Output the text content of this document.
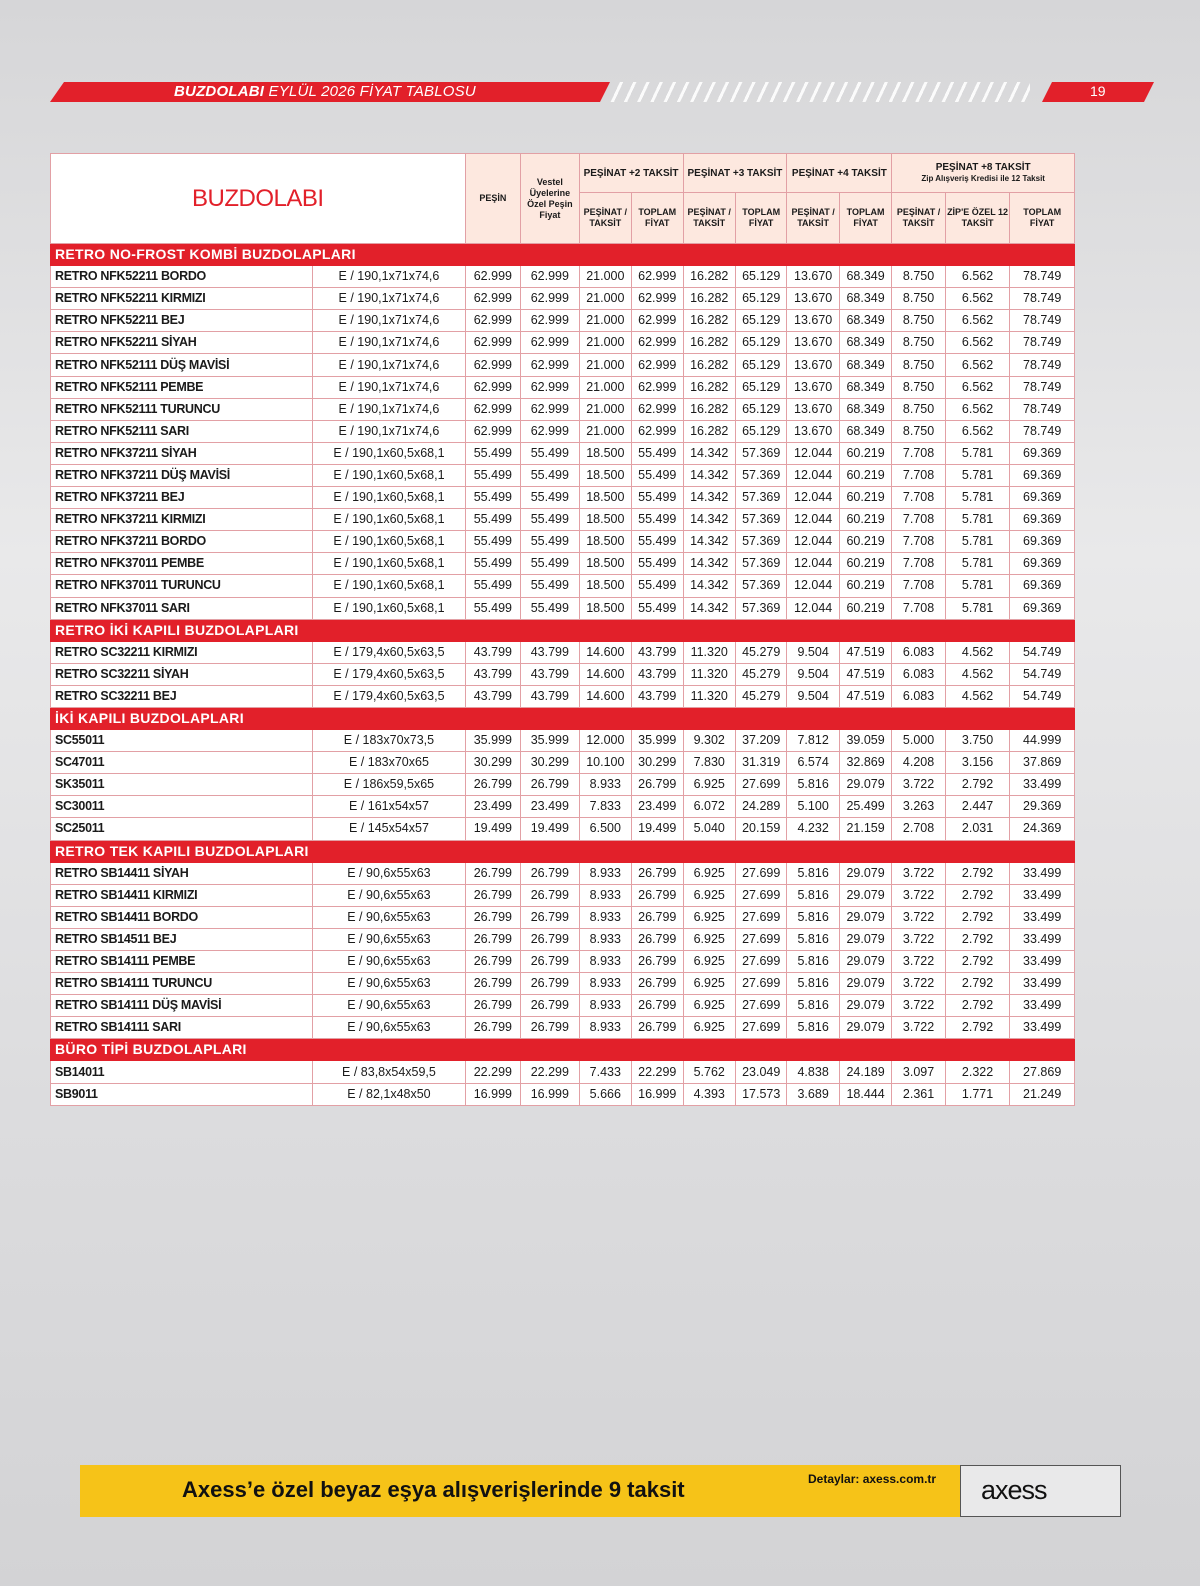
BUZDOLABI EYLÜL 2026 FİYAT TABLOSU	19
BUZDOLABI		PEŞİN	Vestel Üyelerine Özel Peşin Fiyat	PEŞİNAT +2 TAKSİT		PEŞİNAT +3 TAKSİT		PEŞİNAT +4 TAKSİT		PEŞİNAT +8 TAKSİT
Zip Alışveriş Kredisi ile 12 Taksit		
				PEŞİNAT / TAKSİT	TOPLAM FİYAT	PEŞİNAT / TAKSİT	TOPLAM FİYAT	PEŞİNAT / TAKSİT	TOPLAM FİYAT	PEŞİNAT / TAKSİT	ZİP'E ÖZEL 12 TAKSİT	TOPLAM FİYAT
RETRO NO-FROST KOMBİ BUZDOLAPLARI												
RETRO NFK52211 BORDO	E / 190,1x71x74,6	62.999	62.999	21.000	62.999	16.282	65.129	13.670	68.349	8.750	6.562	78.749
RETRO NFK52211 KIRMIZI	E / 190,1x71x74,6	62.999	62.999	21.000	62.999	16.282	65.129	13.670	68.349	8.750	6.562	78.749
RETRO NFK52211 BEJ	E / 190,1x71x74,6	62.999	62.999	21.000	62.999	16.282	65.129	13.670	68.349	8.750	6.562	78.749
RETRO NFK52211 SİYAH	E / 190,1x71x74,6	62.999	62.999	21.000	62.999	16.282	65.129	13.670	68.349	8.750	6.562	78.749
RETRO NFK52111 DÜŞ MAVİSİ	E / 190,1x71x74,6	62.999	62.999	21.000	62.999	16.282	65.129	13.670	68.349	8.750	6.562	78.749
RETRO NFK52111 PEMBE	E / 190,1x71x74,6	62.999	62.999	21.000	62.999	16.282	65.129	13.670	68.349	8.750	6.562	78.749
RETRO NFK52111 TURUNCU	E / 190,1x71x74,6	62.999	62.999	21.000	62.999	16.282	65.129	13.670	68.349	8.750	6.562	78.749
RETRO NFK52111 SARI	E / 190,1x71x74,6	62.999	62.999	21.000	62.999	16.282	65.129	13.670	68.349	8.750	6.562	78.749
RETRO NFK37211 SİYAH	E / 190,1x60,5x68,1	55.499	55.499	18.500	55.499	14.342	57.369	12.044	60.219	7.708	5.781	69.369
RETRO NFK37211 DÜŞ MAVİSİ	E / 190,1x60,5x68,1	55.499	55.499	18.500	55.499	14.342	57.369	12.044	60.219	7.708	5.781	69.369
RETRO NFK37211 BEJ	E / 190,1x60,5x68,1	55.499	55.499	18.500	55.499	14.342	57.369	12.044	60.219	7.708	5.781	69.369
RETRO NFK37211 KIRMIZI	E / 190,1x60,5x68,1	55.499	55.499	18.500	55.499	14.342	57.369	12.044	60.219	7.708	5.781	69.369
RETRO NFK37211 BORDO	E / 190,1x60,5x68,1	55.499	55.499	18.500	55.499	14.342	57.369	12.044	60.219	7.708	5.781	69.369
RETRO NFK37011 PEMBE	E / 190,1x60,5x68,1	55.499	55.499	18.500	55.499	14.342	57.369	12.044	60.219	7.708	5.781	69.369
RETRO NFK37011 TURUNCU	E / 190,1x60,5x68,1	55.499	55.499	18.500	55.499	14.342	57.369	12.044	60.219	7.708	5.781	69.369
RETRO NFK37011 SARI	E / 190,1x60,5x68,1	55.499	55.499	18.500	55.499	14.342	57.369	12.044	60.219	7.708	5.781	69.369
RETRO İKİ KAPILI BUZDOLAPLARI												
RETRO SC32211 KIRMIZI	E / 179,4x60,5x63,5	43.799	43.799	14.600	43.799	11.320	45.279	9.504	47.519	6.083	4.562	54.749
RETRO SC32211 SİYAH	E / 179,4x60,5x63,5	43.799	43.799	14.600	43.799	11.320	45.279	9.504	47.519	6.083	4.562	54.749
RETRO SC32211 BEJ	E / 179,4x60,5x63,5	43.799	43.799	14.600	43.799	11.320	45.279	9.504	47.519	6.083	4.562	54.749
İKİ KAPILI BUZDOLAPLARI												
SC55011	E / 183x70x73,5	35.999	35.999	12.000	35.999	9.302	37.209	7.812	39.059	5.000	3.750	44.999
SC47011	E / 183x70x65	30.299	30.299	10.100	30.299	7.830	31.319	6.574	32.869	4.208	3.156	37.869
SK35011	E / 186x59,5x65	26.799	26.799	8.933	26.799	6.925	27.699	5.816	29.079	3.722	2.792	33.499
SC30011	E / 161x54x57	23.499	23.499	7.833	23.499	6.072	24.289	5.100	25.499	3.263	2.447	29.369
SC25011	E / 145x54x57	19.499	19.499	6.500	19.499	5.040	20.159	4.232	21.159	2.708	2.031	24.369
RETRO TEK KAPILI BUZDOLAPLARI												
RETRO SB14411 SİYAH	E / 90,6x55x63	26.799	26.799	8.933	26.799	6.925	27.699	5.816	29.079	3.722	2.792	33.499
RETRO SB14411 KIRMIZI	E / 90,6x55x63	26.799	26.799	8.933	26.799	6.925	27.699	5.816	29.079	3.722	2.792	33.499
RETRO SB14411 BORDO	E / 90,6x55x63	26.799	26.799	8.933	26.799	6.925	27.699	5.816	29.079	3.722	2.792	33.499
RETRO SB14511 BEJ	E / 90,6x55x63	26.799	26.799	8.933	26.799	6.925	27.699	5.816	29.079	3.722	2.792	33.499
RETRO SB14111 PEMBE	E / 90,6x55x63	26.799	26.799	8.933	26.799	6.925	27.699	5.816	29.079	3.722	2.792	33.499
RETRO SB14111 TURUNCU	E / 90,6x55x63	26.799	26.799	8.933	26.799	6.925	27.699	5.816	29.079	3.722	2.792	33.499
RETRO SB14111 DÜŞ MAVİSİ	E / 90,6x55x63	26.799	26.799	8.933	26.799	6.925	27.699	5.816	29.079	3.722	2.792	33.499
RETRO SB14111 SARI	E / 90,6x55x63	26.799	26.799	8.933	26.799	6.925	27.699	5.816	29.079	3.722	2.792	33.499
BÜRO TİPİ BUZDOLAPLARI												
SB14011	E / 83,8x54x59,5	22.299	22.299	7.433	22.299	5.762	23.049	4.838	24.189	3.097	2.322	27.869
SB9011	E / 82,1x48x50	16.999	16.999	5.666	16.999	4.393	17.573	3.689	18.444	2.361	1.771	21.249
Axess’e özel beyaz eşya alışverişlerinde 9 taksit	Detaylar: axess.com.tr axess
